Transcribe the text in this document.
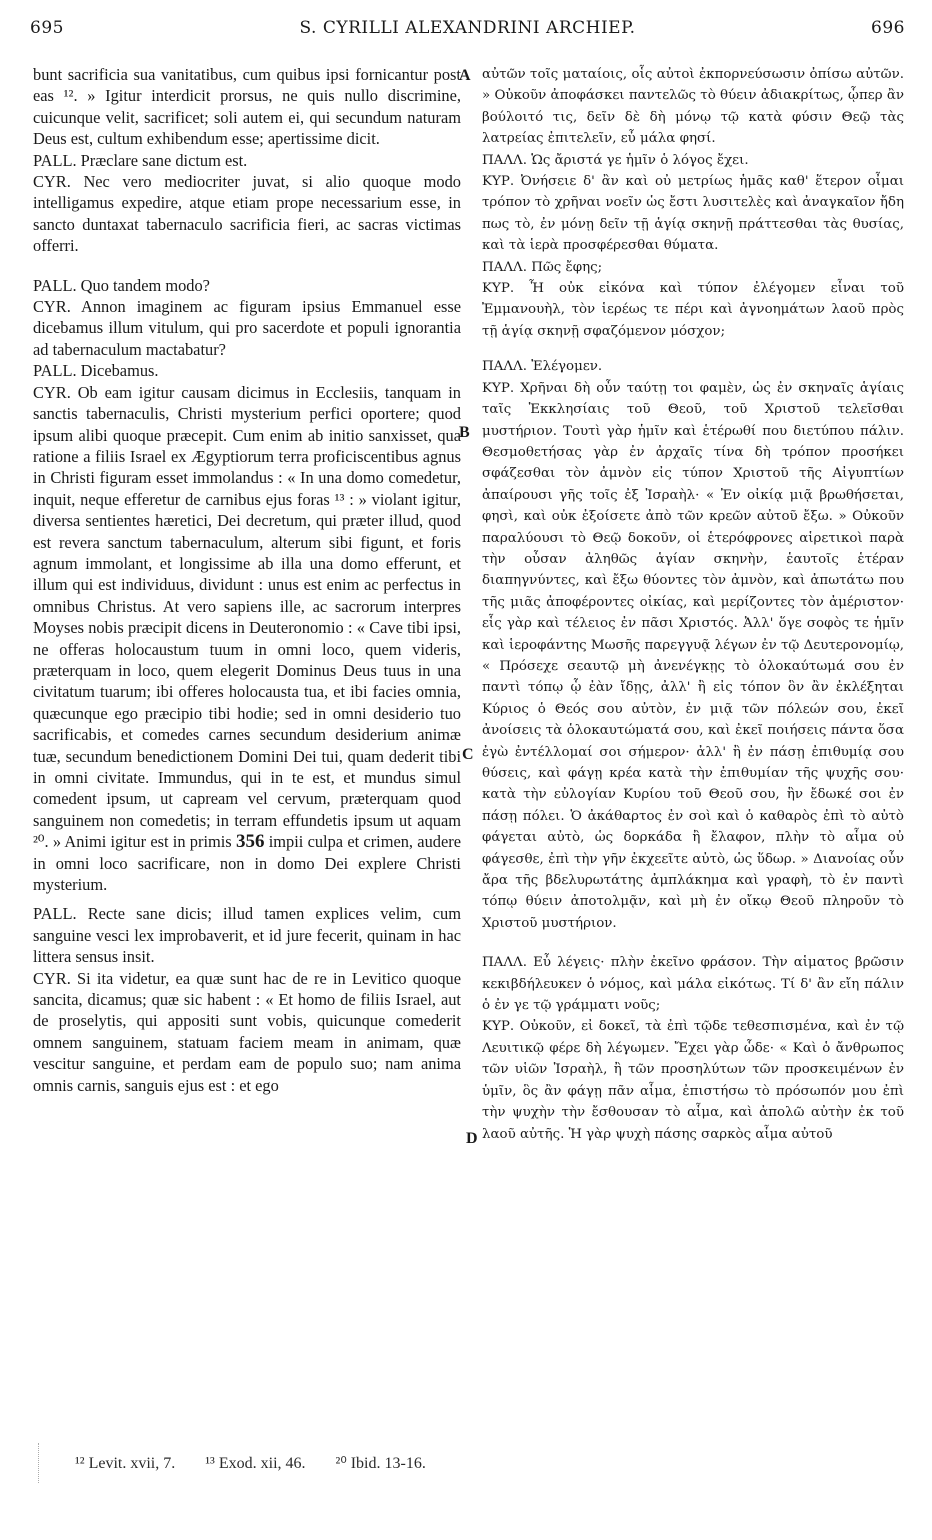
695	S. CYRILLI ALEXANDRINI ARCHIEP.	696
A
B
C
D

bunt sacrificia sua vanitatibus, cum quibus ipsi fornicantur post eas ¹². » Igitur interdicit prorsus, ne quis nullo discrimine, cuicunque velit, sacrificet; soli autem ei, qui secundum naturam Deus est, cultum exhibendum esse; apertissime dicit.

PALL. Præclare sane dictum est.

CYR. Nec vero mediocriter juvat, si alio quoque modo intelligamus expedire, atque etiam prope necessarium esse, in sancto duntaxat tabernaculo sacrificia fieri, ac sacras victimas offerri.

PALL. Quo tandem modo?

CYR. Annon imaginem ac figuram ipsius Emmanuel esse dicebamus illum vitulum, qui pro sacerdote et populi ignorantia ad tabernaculum mactabatur?

PALL. Dicebamus.

CYR. Ob eam igitur causam dicimus in Ecclesiis, tanquam in sanctis tabernaculis, Christi mysterium perfici oportere; quod ipsum alibi quoque præcepit. Cum enim ab initio sanxisset, qua ratione a filiis Israel ex Ægyptiorum terra proficiscentibus agnus in Christi figuram esset immolandus : « In una domo comedetur, inquit, neque efferetur de carnibus ejus foras ¹³ : » violant igitur, diversa sentientes hæretici, Dei decretum, qui præter illud, quod est revera sanctum tabernaculum, alterum sibi figunt, et foris agnum immolant, et longissime ab illa una domo efferunt, et illum qui est individuus, dividunt : unus est enim ac perfectus in omnibus Christus. At vero sapiens ille, ac sacrorum interpres Moyses nobis præcipit dicens in Deuteronomio : « Cave tibi ipsi, ne offeras holocaustum tuum in omni loco, quem videris, præterquam in loco, quem elegerit Dominus Deus tuus in una civitatum tuarum; ibi offeres holocausta tua, et ibi facies omnia, quæcunque ego præcipio tibi hodie; sed in omni desiderio tuo sacrificabis, et comedes carnes secundum desiderium animæ tuæ, secundum benedictionem Domini Dei tui, quam dederit tibi in omni civitate. Immundus, qui in te est, et mundus simul comedent ipsum, ut capream vel cervum, præterquam quod sanguinem non comedetis; in terram effundetis ipsum ut aquam ²⁰. » Animi igitur est in primis 356 impii culpa et crimen, audere in omni loco sacrificare, non in domo Dei explere Christi mysterium.

PALL. Recte sane dicis; illud tamen explices velim, cum sanguine vesci lex improbaverit, et id jure fecerit, quinam in hac littera sensus insit.

CYR. Si ita videtur, ea quæ sunt hac de re in Levitico quoque sancita, dicamus; quæ sic habent : « Et homo de filiis Israel, aut de proselytis, qui appositi sunt vobis, quicunque comederit omnem sanguinem, statuam faciem meam in animam, quæ vescitur sanguine, et perdam eam de populo suo; nam anima omnis carnis, sanguis ejus est : et ego

αὐτῶν τοῖς ματαίοις, οἷς αὐτοὶ ἐκπορνεύσωσιν ὀπίσω αὐτῶν. » Οὐκοῦν ἀποφάσκει παντελῶς τὸ θύειν ἀδιακρίτως, ᾧπερ ἂν βούλοιτό τις, δεῖν δὲ δὴ μόνῳ τῷ κατὰ φύσιν Θεῷ τὰς λατρείας ἐπιτελεῖν, εὖ μάλα φησί.

ΠΑΛΛ. Ὡς ἄριστά γε ἡμῖν ὁ λόγος ἔχει.

ΚΥΡ. Ὀνήσειε δ' ἂν καὶ οὐ μετρίως ἡμᾶς καθ' ἕτερον οἶμαι τρόπον τὸ χρῆναι νοεῖν ὡς ἔστι λυσιτελὲς καὶ ἀναγκαῖον ἤδη πως τὸ, ἐν μόνῃ δεῖν τῇ ἁγίᾳ σκηνῇ πράττεσθαι τὰς θυσίας, καὶ τὰ ἱερὰ προσφέρεσθαι θύματα.

ΠΑΛΛ. Πῶς ἔφης;

ΚΥΡ. Ἦ οὐκ εἰκόνα καὶ τύπον ἐλέγομεν εἶναι τοῦ Ἐμμανουὴλ, τὸν ἱερέως τε πέρι καὶ ἀγνοημάτων λαοῦ πρὸς τῇ ἁγίᾳ σκηνῇ σφαζόμενον μόσχον;

ΠΑΛΛ. Ἐλέγομεν.

ΚΥΡ. Χρῆναι δὴ οὖν ταύτῃ τοι φαμὲν, ὡς ἐν σκηναῖς ἁγίαις ταῖς Ἐκκλησίαις τοῦ Θεοῦ, τοῦ Χριστοῦ τελεῖσθαι μυστήριον. Τουτὶ γὰρ ἡμῖν καὶ ἑτέρωθί που διετύπου πάλιν. Θεσμοθετήσας γὰρ ἐν ἀρχαῖς τίνα δὴ τρόπον προσήκει σφάζεσθαι τὸν ἀμνὸν εἰς τύπον Χριστοῦ τῆς Αἰγυπτίων ἀπαίρουσι γῆς τοῖς ἐξ Ἰσραὴλ· « Ἐν οἰκίᾳ μιᾷ βρωθήσεται, φησὶ, καὶ οὐκ ἐξοίσετε ἀπὸ τῶν κρεῶν αὐτοῦ ἔξω. » Οὐκοῦν παραλύουσι τὸ Θεῷ δοκοῦν, οἱ ἑτερόφρονες αἱρετικοὶ παρὰ τὴν οὖσαν ἀληθῶς ἁγίαν σκηνὴν, ἑαυτοῖς ἑτέραν διαπηγνύντες, καὶ ἔξω θύοντες τὸν ἀμνὸν, καὶ ἀπωτάτω που τῆς μιᾶς ἀποφέροντες οἰκίας, καὶ μερίζοντες τὸν ἀμέριστον· εἷς γὰρ καὶ τέλειος ἐν πᾶσι Χριστός. Ἀλλ' ὅγε σοφὸς τε ἡμῖν καὶ ἱεροφάντης Μωσῆς παρεγγυᾷ λέγων ἐν τῷ Δευτερονομίῳ, « Πρόσεχε σεαυτῷ μὴ ἀνενέγκῃς τὸ ὁλοκαύτωμά σου ἐν παντὶ τόπῳ ᾧ ἐὰν ἴδῃς, ἀλλ' ἢ εἰς τόπον ὃν ἂν ἐκλέξηται Κύριος ὁ Θεός σου αὐτὸν, ἐν μιᾷ τῶν πόλεών σου, ἐκεῖ ἀνοίσεις τὰ ὁλοκαυτώματά σου, καὶ ἐκεῖ ποιήσεις πάντα ὅσα ἐγὼ ἐντέλλομαί σοι σήμερον· ἀλλ' ἢ ἐν πάσῃ ἐπιθυμίᾳ σου θύσεις, καὶ φάγῃ κρέα κατὰ τὴν ἐπιθυμίαν τῆς ψυχῆς σου· κατὰ τὴν εὐλογίαν Κυρίου τοῦ Θεοῦ σου, ἣν ἔδωκέ σοι ἐν πάσῃ πόλει. Ὁ ἀκάθαρτος ἐν σοὶ καὶ ὁ καθαρὸς ἐπὶ τὸ αὐτὸ φάγεται αὐτὸ, ὡς δορκάδα ἢ ἔλαφον, πλὴν τὸ αἷμα οὐ φάγεσθε, ἐπὶ τὴν γῆν ἐκχεεῖτε αὐτὸ, ὡς ὕδωρ. » Διανοίας οὖν ἄρα τῆς βδελυρωτάτης ἀμπλάκημα καὶ γραφὴ, τὸ ἐν παντὶ τόπῳ θύειν ἀποτολμᾷν, καὶ μὴ ἐν οἴκῳ Θεοῦ πληροῦν τὸ Χριστοῦ μυστήριον.

ΠΑΛΛ. Εὖ λέγεις· πλὴν ἐκεῖνο φράσον. Τὴν αἱματος βρῶσιν κεκιβδήλευκεν ὁ νόμος, καὶ μάλα εἰκότως. Τί δ' ἂν εἴη πάλιν ὁ ἐν γε τῷ γράμματι νοῦς;

ΚΥΡ. Οὐκοῦν, εἰ δοκεῖ, τὰ ἐπὶ τῷδε τεθεσπισμένα, καὶ ἐν τῷ Λευιτικῷ φέρε δὴ λέγωμεν. Ἔχει γὰρ ὧδε· « Καὶ ὁ ἄνθρωπος τῶν υἱῶν Ἰσραὴλ, ἢ τῶν προσηλύτων τῶν προσκειμένων ἐν ὑμῖν, ὃς ἂν φάγῃ πᾶν αἷμα, ἐπιστήσω τὸ πρόσωπόν μου ἐπὶ τὴν ψυχὴν τὴν ἔσθουσαν τὸ αἷμα, καὶ ἀπολῶ αὐτὴν ἐκ τοῦ λαοῦ αὐτῆς. Ἡ γὰρ ψυχὴ πάσης σαρκὸς αἷμα αὐτοῦ

¹² Levit. xvii, 7. ¹³ Exod. xii, 46. ²⁰ Ibid. 13-16.
